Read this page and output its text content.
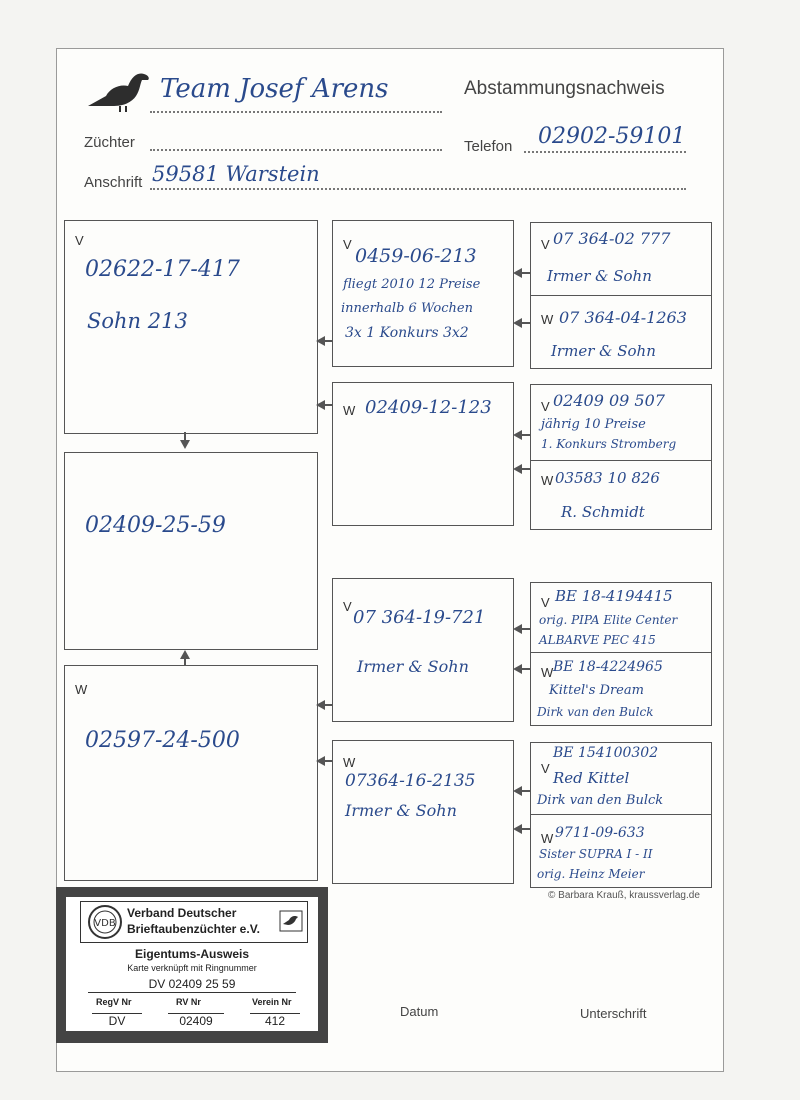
Team Josef Arens	Abstammungsnachweis
Züchter	Telefon 02902-59101
Anschrift 59581 Warstein
V
02622-17-417
Sohn 213
02409-25-59
W
02597-24-500
V
0459-06-213
fliegt 2010 12 Preise
innerhalb 6 Wochen
3x 1 Konkurs 3x2
W 02409-12-123
V
07 364-19-721
Irmer & Sohn
W
07364-16-2135
Irmer & Sohn
V 07 364-02 777
Irmer & Sohn
W 07 364-04-1263
Irmer & Sohn
V 02409 09 507
jährig 10 Preise
1. Konkurs Stromberg
W 03583 10 826
R. Schmidt
V BE 18-4194415
orig. PIPA Elite Center
ALBARVE PEC 415
W BE 18-4224965
Kittel's Dream
Dirk van den Bulck
V
BE 154100302
Red Kittel
Dirk van den Bulck
W 9711-09-633
Sister SUPRA I - II
orig. Heinz Meier
© Barbara Krauß, kraussverlag.de
Datum	Unterschrift
VDB
Verband Deutscher
Brieftaubenzüchter e.V.
Eigentums-Ausweis
Karte verknüpft mit Ringnummer
DV 02409 25 59
RegV Nr	RV Nr	Verein Nr
DV	02409	412
